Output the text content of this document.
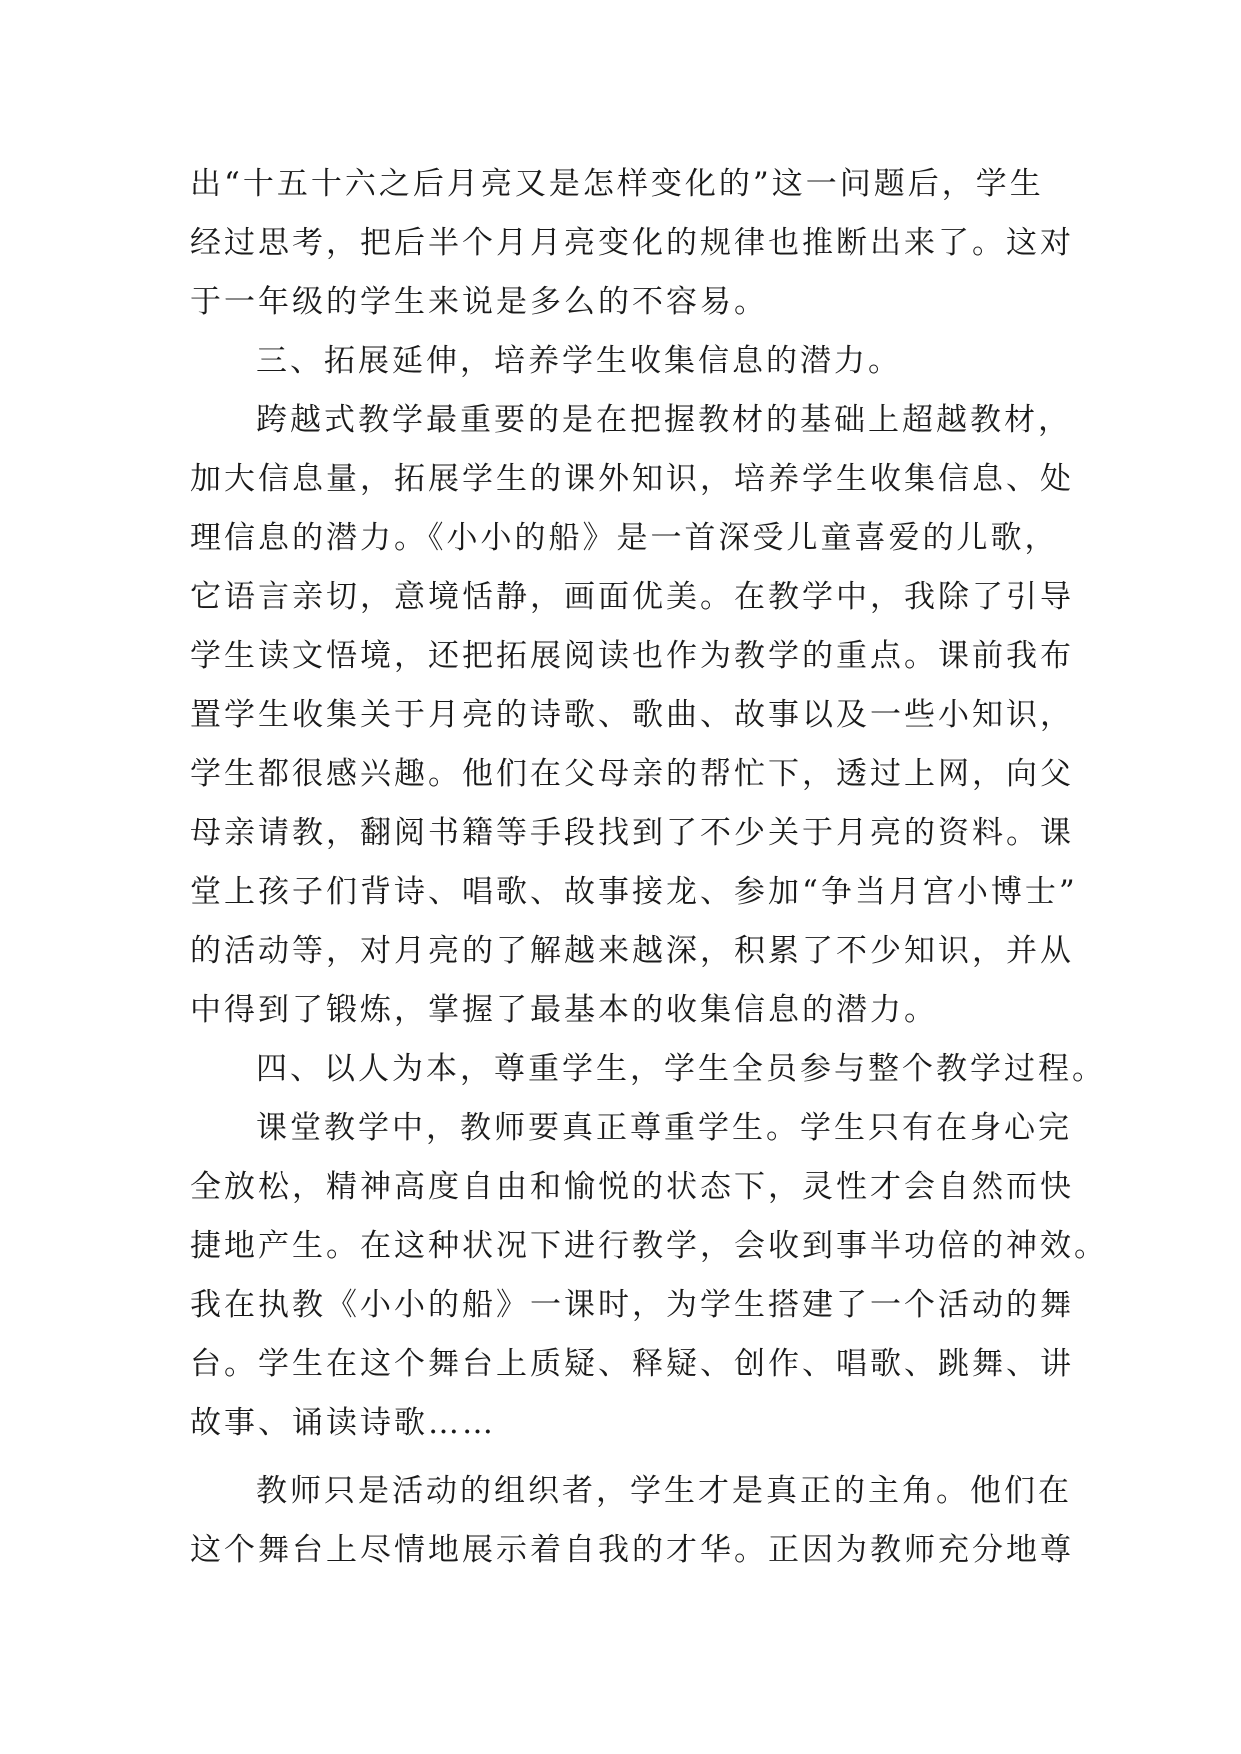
出“十五十六之后月亮又是怎样变化的”这一问题后，学生
经过思考，把后半个月月亮变化的规律也推断出来了。这对
于一年级的学生来说是多么的不容易。
三、拓展延伸，培养学生收集信息的潜力。
跨越式教学最重要的是在把握教材的基础上超越教材，
加大信息量，拓展学生的课外知识，培养学生收集信息、处
理信息的潜力。《小小的船》是一首深受儿童喜爱的儿歌，
它语言亲切，意境恬静，画面优美。在教学中，我除了引导
学生读文悟境，还把拓展阅读也作为教学的重点。课前我布
置学生收集关于月亮的诗歌、歌曲、故事以及一些小知识，
学生都很感兴趣。他们在父母亲的帮忙下，透过上网，向父
母亲请教，翻阅书籍等手段找到了不少关于月亮的资料。课
堂上孩子们背诗、唱歌、故事接龙、参加“争当月宫小博士”
的活动等，对月亮的了解越来越深，积累了不少知识，并从
中得到了锻炼，掌握了最基本的收集信息的潜力。
四、以人为本，尊重学生，学生全员参与整个教学过程。
课堂教学中，教师要真正尊重学生。学生只有在身心完
全放松，精神高度自由和愉悦的状态下，灵性才会自然而快
捷地产生。在这种状况下进行教学，会收到事半功倍的神效。
我在执教《小小的船》一课时，为学生搭建了一个活动的舞
台。学生在这个舞台上质疑、释疑、创作、唱歌、跳舞、讲
故事、诵读诗歌……
教师只是活动的组织者，学生才是真正的主角。他们在
这个舞台上尽情地展示着自我的才华。正因为教师充分地尊
